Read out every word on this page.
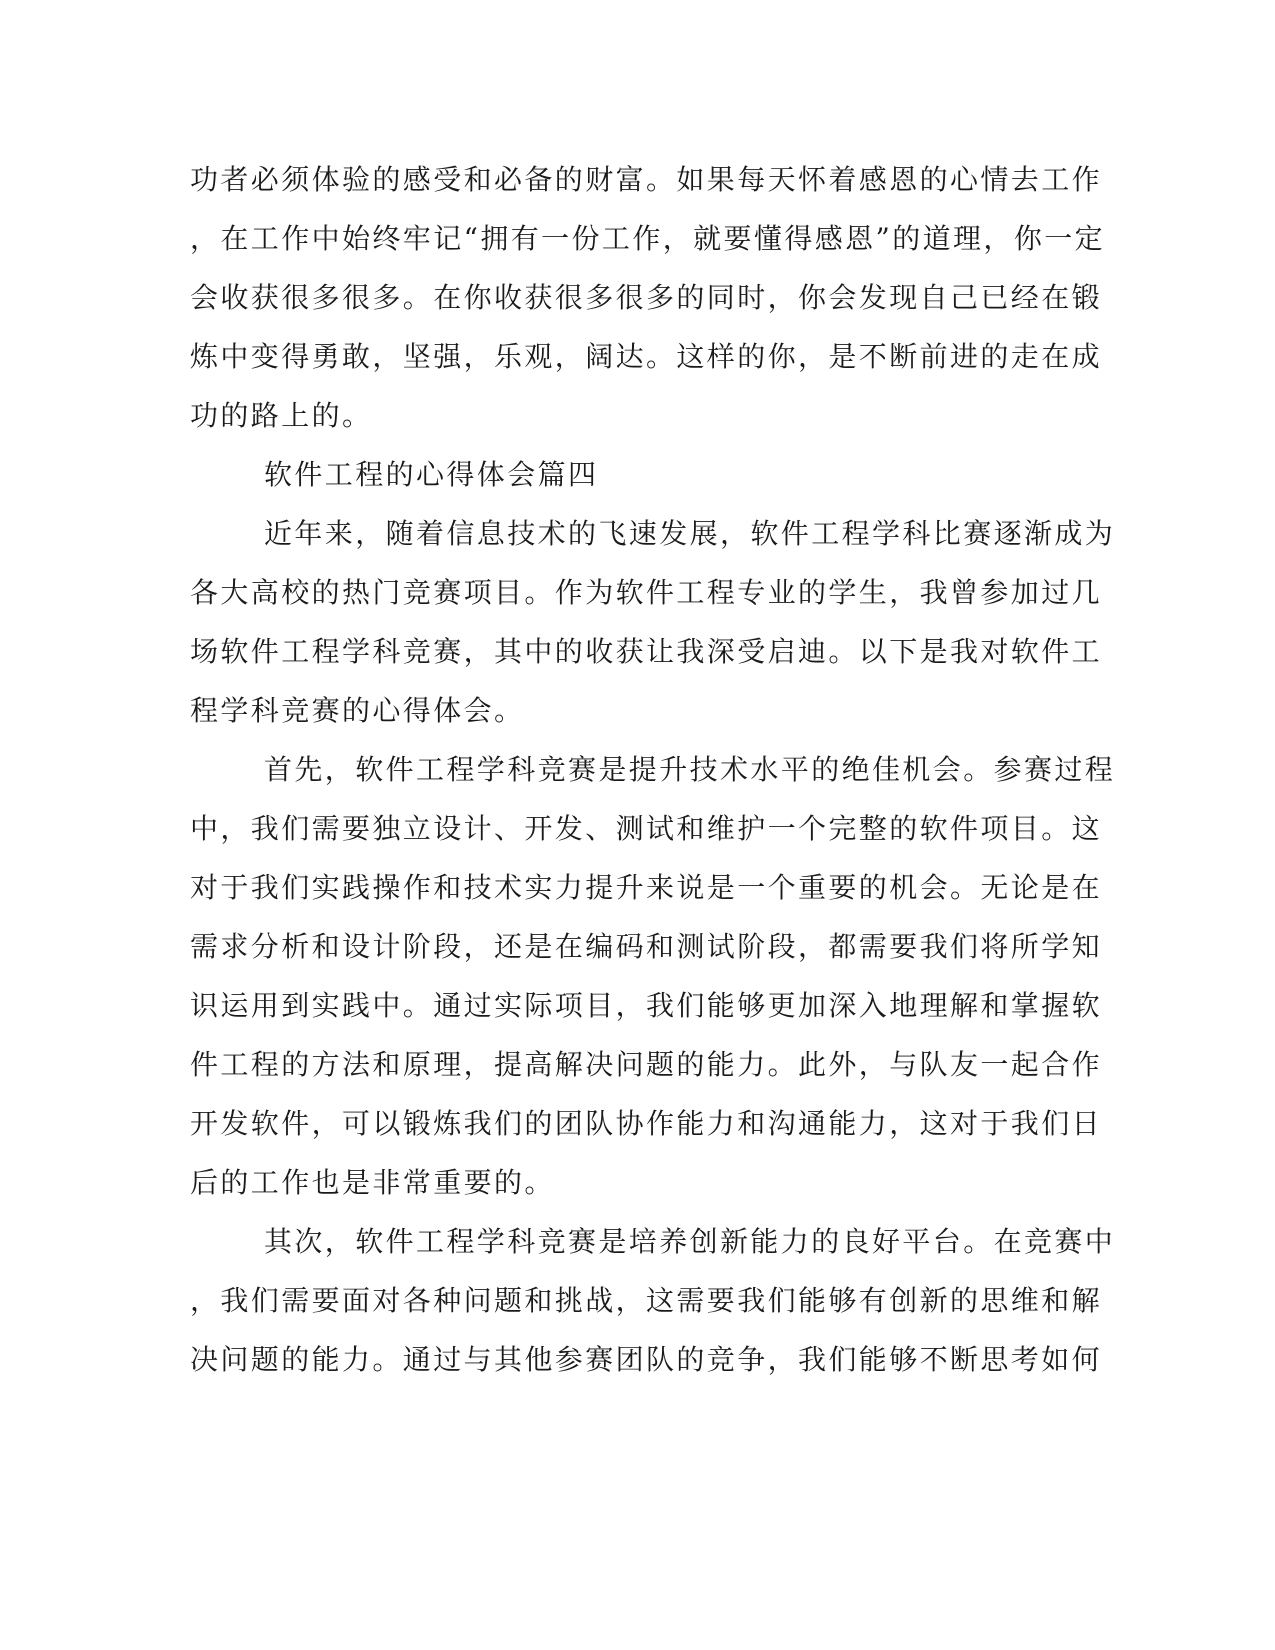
功者必须体验的感受和必备的财富。如果每天怀着感恩的心情去工作

，在工作中始终牢记“拥有一份工作，就要懂得感恩”的道理，你一定

会收获很多很多。在你收获很多很多的同时，你会发现自己已经在锻

炼中变得勇敢，坚强，乐观，阔达。这样的你，是不断前进的走在成

功的路上的。

软件工程的心得体会篇四

近年来，随着信息技术的飞速发展，软件工程学科比赛逐渐成为

各大高校的热门竞赛项目。作为软件工程专业的学生，我曾参加过几

场软件工程学科竞赛，其中的收获让我深受启迪。以下是我对软件工

程学科竞赛的心得体会。

首先，软件工程学科竞赛是提升技术水平的绝佳机会。参赛过程

中，我们需要独立设计、开发、测试和维护一个完整的软件项目。这

对于我们实践操作和技术实力提升来说是一个重要的机会。无论是在

需求分析和设计阶段，还是在编码和测试阶段，都需要我们将所学知

识运用到实践中。通过实际项目，我们能够更加深入地理解和掌握软

件工程的方法和原理，提高解决问题的能力。此外，与队友一起合作

开发软件，可以锻炼我们的团队协作能力和沟通能力，这对于我们日

后的工作也是非常重要的。

其次，软件工程学科竞赛是培养创新能力的良好平台。在竞赛中

，我们需要面对各种问题和挑战，这需要我们能够有创新的思维和解

决问题的能力。通过与其他参赛团队的竞争，我们能够不断思考如何
